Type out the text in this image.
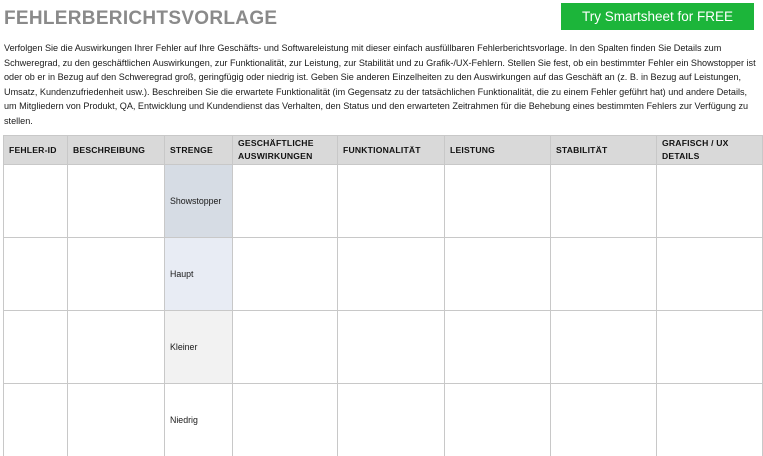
FEHLERBERICHTSVORLAGE	Try Smartsheet for FREE

Verfolgen Sie die Auswirkungen Ihrer Fehler auf Ihre Geschäfts- und Softwareleistung mit dieser einfach ausfüllbaren Fehlerberichtsvorlage. In den Spalten finden Sie Details zum Schweregrad, zu den geschäftlichen Auswirkungen, zur Funktionalität, zur Leistung, zur Stabilität und zu Grafik-/UX-Fehlern. Stellen Sie fest, ob ein bestimmter Fehler ein Showstopper ist oder ob er in Bezug auf den Schweregrad groß, geringfügig oder niedrig ist. Geben Sie anderen Einzelheiten zu den Auswirkungen auf das Geschäft an (z. B. in Bezug auf Leistungen, Umsatz, Kundenzufriedenheit usw.). Beschreiben Sie die erwartete Funktionalität (im Gegensatz zu der tatsächlichen Funktionalität, die zu einem Fehler geführt hat) und andere Details, um Mitgliedern von Produkt, QA, Entwicklung und Kundendienst das Verhalten, den Status und den erwarteten Zeitrahmen für die Behebung eines bestimmten Fehlers zur Verfügung zu stellen.

FEHLER-ID	BESCHREIBUNG	STRENGE	GESCHÄFTLICHE AUSWIRKUNGEN	FUNKTIONALITÄT	LEISTUNG	STABILITÄT	GRAFISCH / UX DETAILS
		Showstopper					
		Haupt					
		Kleiner					
		Niedrig					
